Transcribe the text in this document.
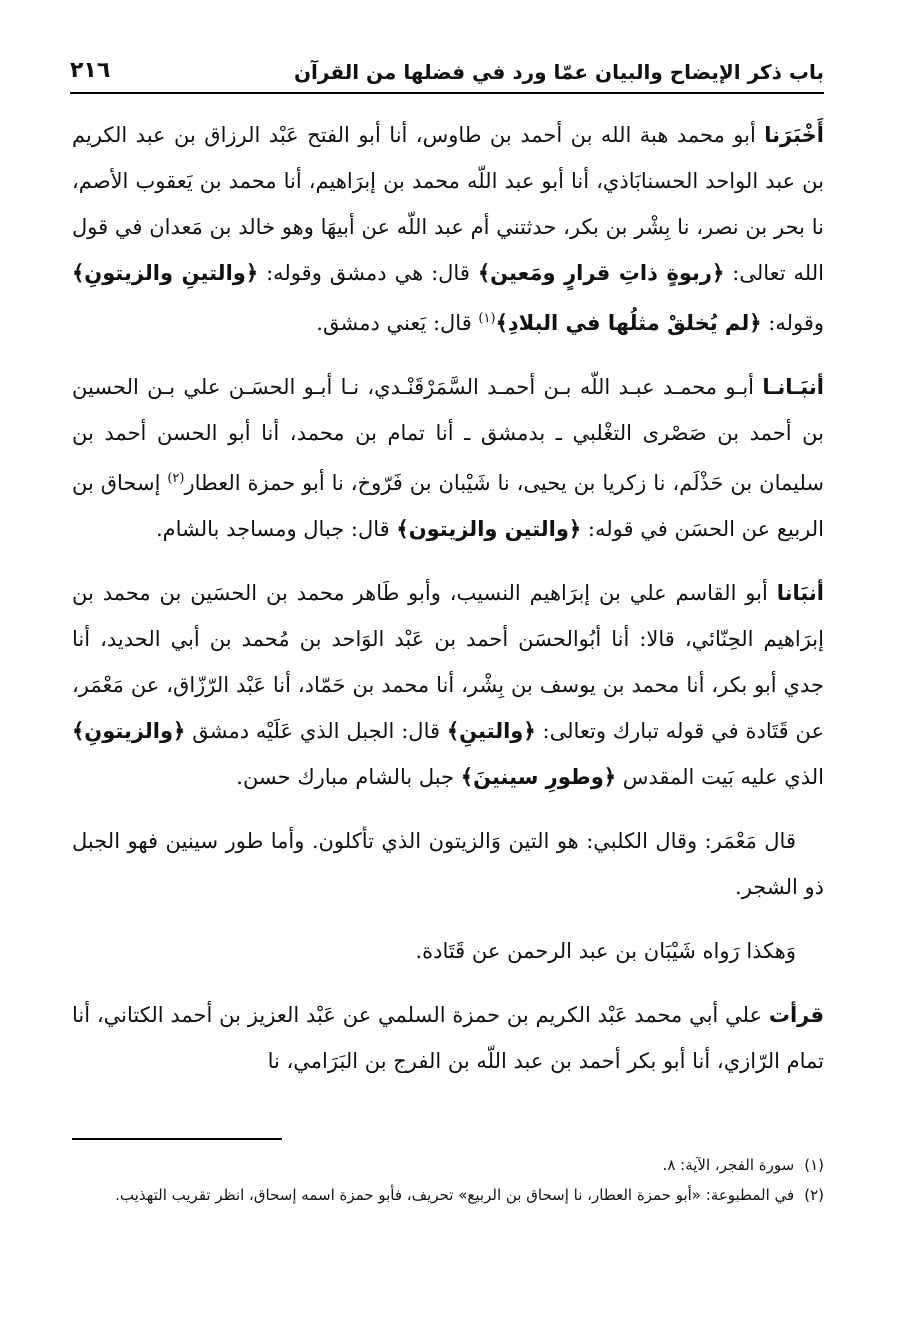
باب ذكر الإيضاح والبيان عمّا ورد في فضلها من القرآن
٢١٦

أَخْبَرَنا أبو محمد هبة الله بن أحمد بن طاوس، أنا أبو الفتح عَبْد الرزاق بن عبد الكريم بن عبد الواحد الحسنابَاذي، أنا أبو عبد اللّه محمد بن إبرَاهيم، أنا محمد بن يَعقوب الأصم، نا بحر بن نصر، نا بِشْر بن بكر، حدثتني أم عبد اللّه عن أبيهَا وهو خالد بن مَعدان في قول الله تعالى: ﴿ربوةٍ ذاتِ قرارٍ ومَعين﴾ قال: هي دمشق وقوله: ﴿والتينِ والزيتونِ﴾ وقوله: ﴿لم يُخلقْ مثلُها في البلادِ﴾$^{(١)}$ قال: يَعني دمشق.

أنبَـانـا أبـو محمـد عبـد اللّه بـن أحمـد السَّمَرْقَنْـدي، نـا أبـو الحسَـن علي بـن الحسين بن أحمد بن صَصْرى التغْلبي ـ بدمشق ـ أنا تمام بن محمد، أنا أبو الحسن أحمد بن سليمان بن حَذْلَم، نا زكريا بن يحيى، نا شَيْبان بن فَرّوخ، نا أبو حمزة العطار$^{(٢)}$ إسحاق بن الربيع عن الحسَن في قوله: ﴿والتين والزيتون﴾ قال: جبال ومساجد بالشام.

أنبَانا أبو القاسم علي بن إبرَاهيم النسيب، وأبو طَاهر محمد بن الحسَين بن محمد بن إبرَاهيم الحِنّائي، قالا: أنا أبُوالحسَن أحمد بن عَبْد الوَاحد بن مُحمد بن أبي الحديد، أنا جدي أبو بكر، أنا محمد بن يوسف بن بِشْر، أنا محمد بن حَمّاد، أنا عَبْد الرّزّاق، عن مَعْمَر، عن قَتَادة في قوله تبارك وتعالى: ﴿والتينِ﴾ قال: الجبل الذي عَلَيْه دمشق ﴿والزيتونِ﴾ الذي عليه بَيت المقدس ﴿وطورِ سينينَ﴾ جبل بالشام مبارك حسن.

قال مَعْمَر: وقال الكلبي: هو التين وَالزيتون الذي تأكلون. وأما طور سينين فهو الجبل ذو الشجر.

وَهكذا رَواه شَيْبَان بن عبد الرحمن عن قَتَادة.

قرأت علي أبي محمد عَبْد الكريم بن حمزة السلمي عن عَبْد العزيز بن أحمد الكتاني، أنا تمام الرّازي، أنا أبو بكر أحمد بن عبد اللّه بن الفرج بن البَرَامي، نا

(١)
سورة الفجر، الآية: ٨.
(٢)
في المطبوعة: «أبو حمزة العطار، نا إسحاق بن الربيع» تحريف، فأبو حمزة اسمه إسحاق، انظر تقريب التهذيب.
